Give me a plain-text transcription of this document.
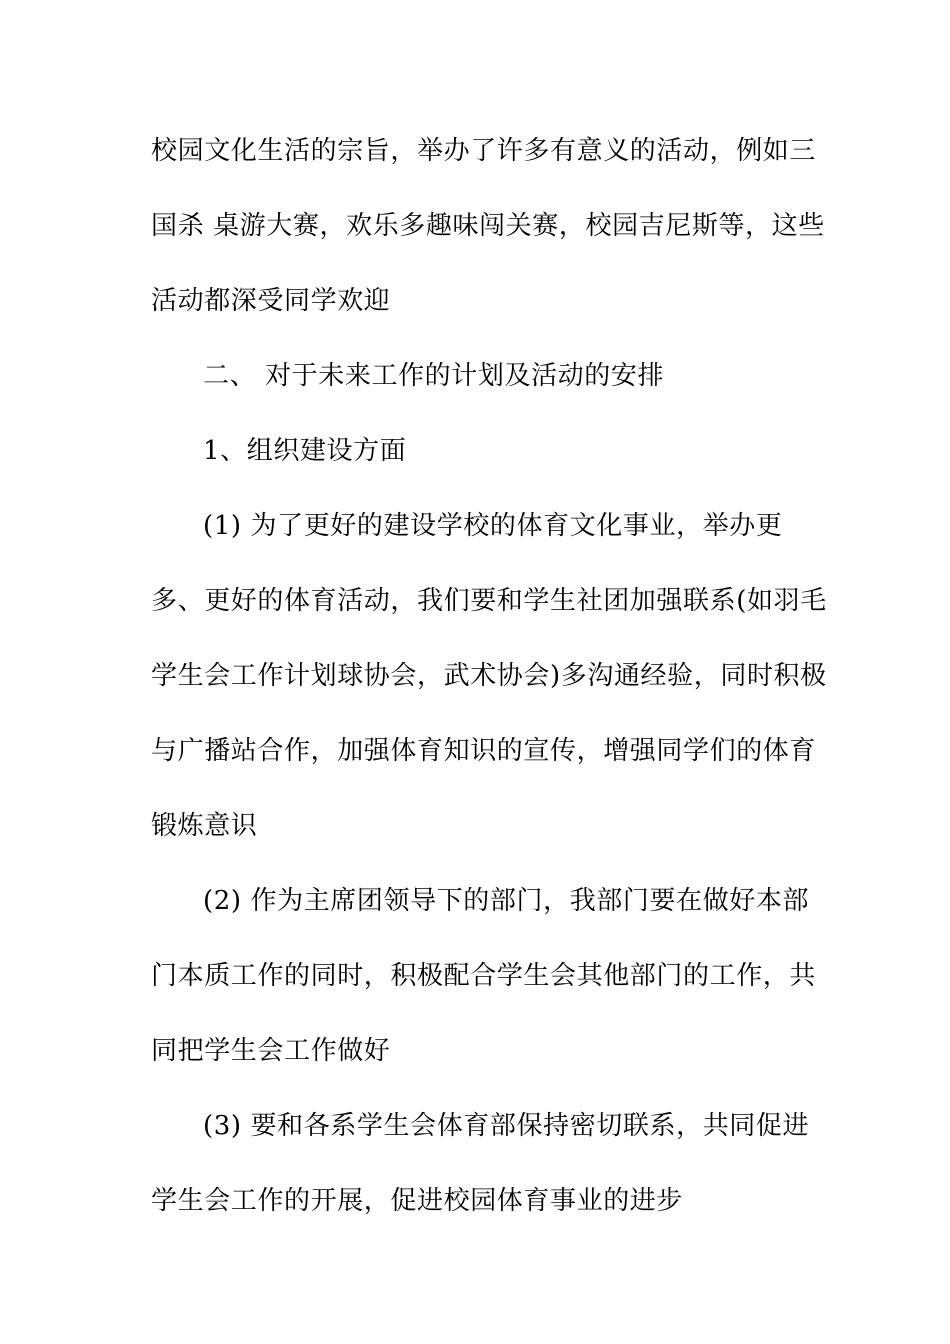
校园文化生活的宗旨，举办了许多有意义的活动，例如三
国杀 桌游大赛，欢乐多趣味闯关赛，校园吉尼斯等，这些
活动都深受同学欢迎
二、 对于未来工作的计划及活动的安排
1、组织建设方面
(1) 为了更好的建设学校的体育文化事业，举办更
多、更好的体育活动，我们要和学生社团加强联系(如羽毛
学生会工作计划球协会，武术协会)多沟通经验，同时积极
与广播站合作，加强体育知识的宣传，增强同学们的体育
锻炼意识
(2) 作为主席团领导下的部门，我部门要在做好本部
门本质工作的同时，积极配合学生会其他部门的工作，共
同把学生会工作做好
(3) 要和各系学生会体育部保持密切联系，共同促进
学生会工作的开展，促进校园体育事业的进步
